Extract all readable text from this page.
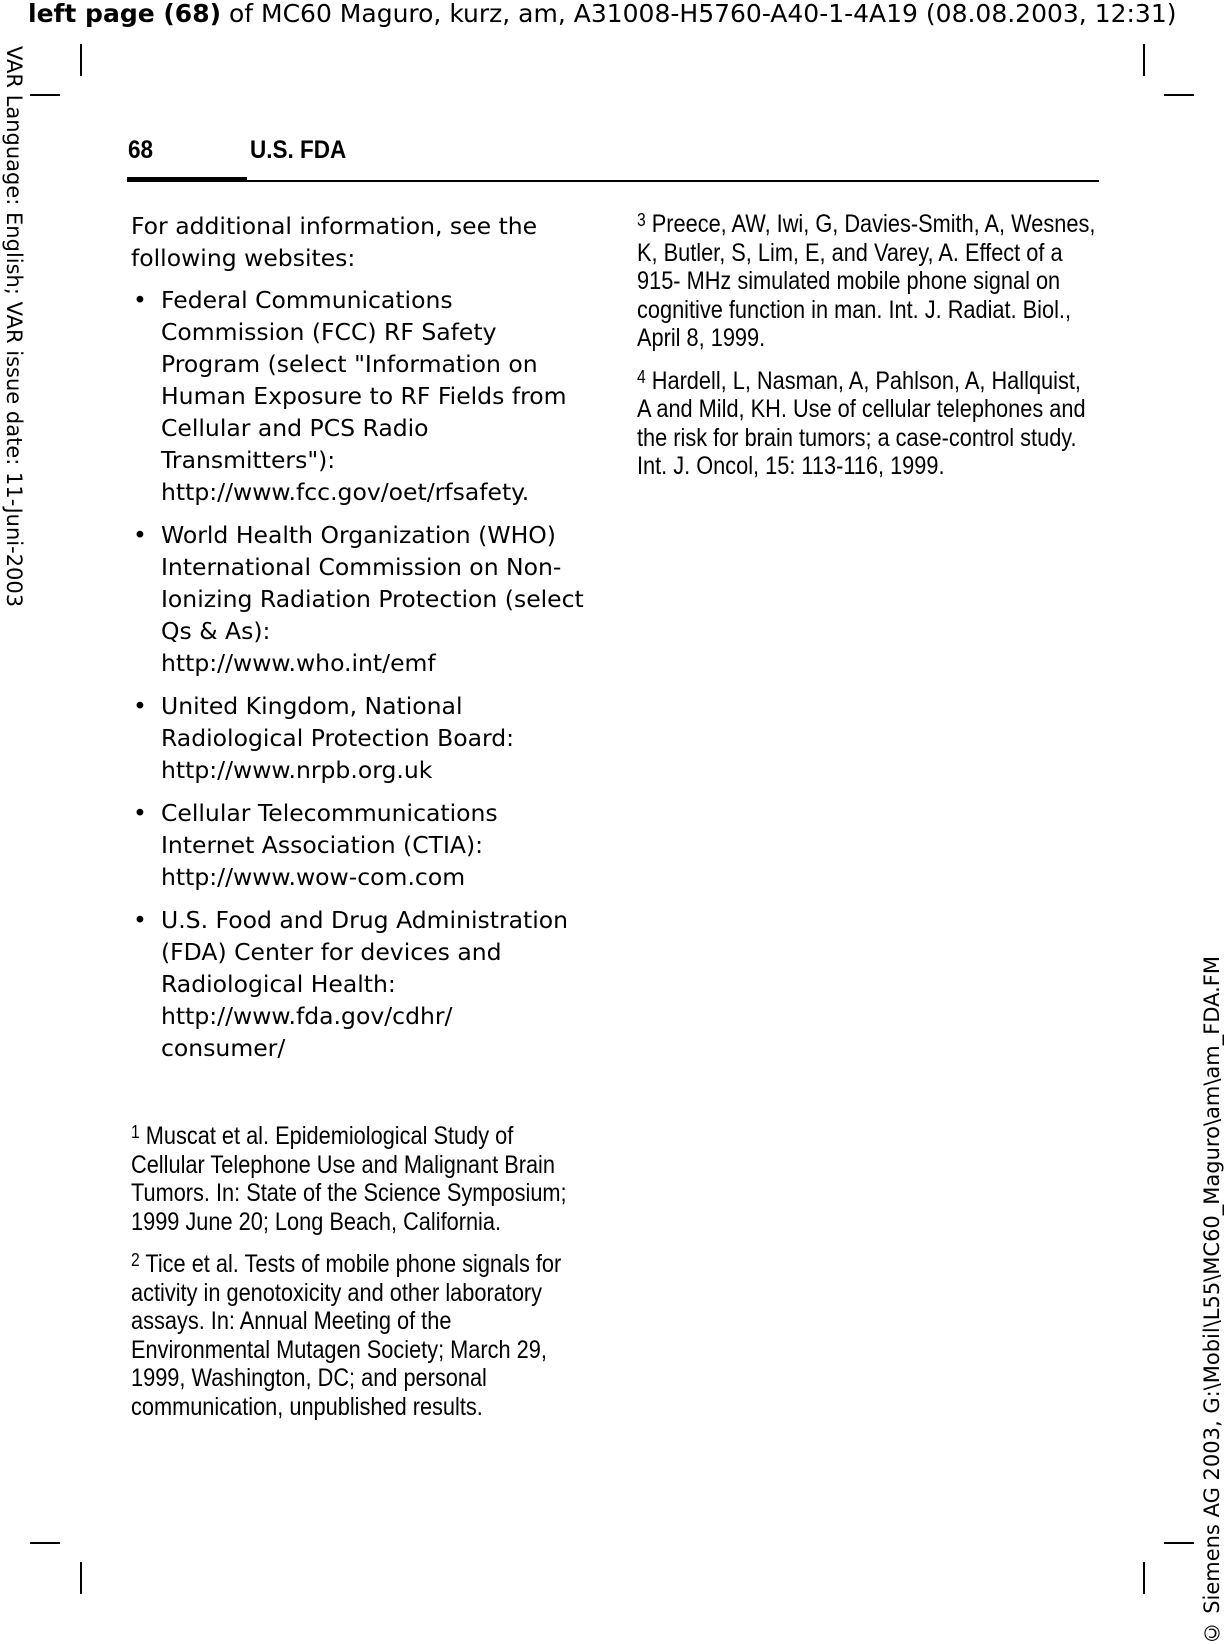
left page (68) of MC60 Maguro, kurz, am, A31008-H5760-A40-1-4A19 (08.08.2003, 12:31)
VAR Language: English; VAR issue date: 11-Juni-2003
© Siemens AG 2003, G:\Mobil\L55\MC60_Maguro\am\am_FDA.FM
68	U.S. FDA

For additional information, see the following websites:

• Federal Communications Commission (FCC) RF Safety Program (select "Information on Human Exposure to RF Fields from Cellular and PCS Radio Transmitters"):
http://www.fcc.gov/oet/rfsafety.
• World Health Organization (WHO) International Commission on Non-Ionizing Radiation Protection (select Qs & As):
http://www.who.int/emf
• United Kingdom, National Radiological Protection Board:
http://www.nrpb.org.uk
• Cellular Telecommunications Internet Association (CTIA):
http://www.wow-com.com
• U.S. Food and Drug Administration (FDA) Center for devices and Radiological Health:
http://www.fda.gov/cdhr/ consumer/

$^1$ Muscat et al. Epidemiological Study of Cellular Telephone Use and Malignant Brain Tumors. In: State of the Science Symposium; 1999 June 20; Long Beach, California.

$^2$ Tice et al. Tests of mobile phone signals for activity in genotoxicity and other laboratory assays. In: Annual Meeting of the Environmental Mutagen Society; March 29, 1999, Washington, DC; and personal communication, unpublished results.

$^3$ Preece, AW, Iwi, G, Davies-Smith, A, Wesnes, K, Butler, S, Lim, E, and Varey, A. Effect of a 915- MHz simulated mobile phone signal on cognitive function in man. Int. J. Radiat. Biol., April 8, 1999.

$^4$ Hardell, L, Nasman, A, Pahlson, A, Hallquist, A and Mild, KH. Use of cellular telephones and the risk for brain tumors; a case-control study. Int. J. Oncol, 15: 113-116, 1999.
